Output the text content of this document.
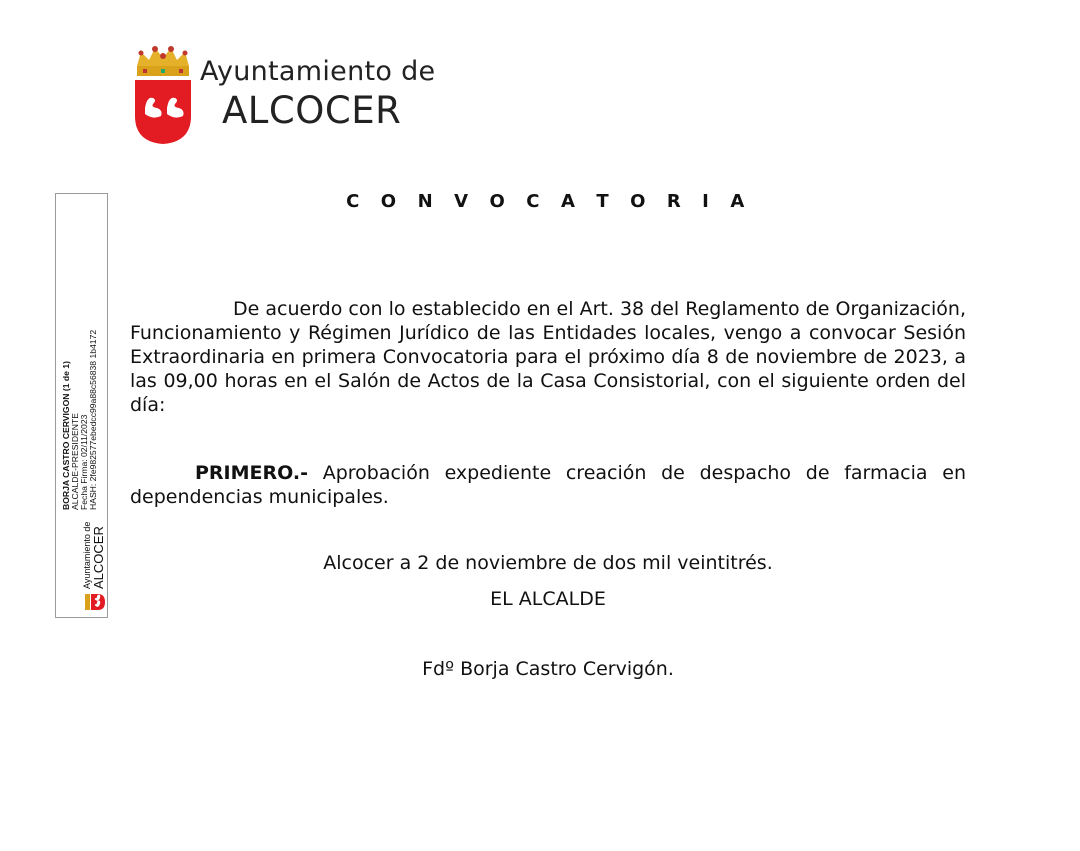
Ayuntamiento de
ALCOCER
C O N V O C A T O R I A
De acuerdo con lo establecido en el Art. 38 del Reglamento de Organización, Funcionamiento y Régimen Jurídico de las Entidades locales, vengo a convocar Sesión Extraordinaria en primera Convocatoria para el próximo día 8 de noviembre de 2023, a las 09,00 horas en el Salón de Actos de la Casa Consistorial, con el siguiente orden del día:
PRIMERO.- Aprobación expediente creación de despacho de farmacia en dependencias municipales.
Alcocer a 2 de noviembre de dos mil veintitrés.
EL ALCALDE
Fdº Borja Castro Cervigón.
Ayuntamiento de ALCOCER
BORJA CASTRO CERVIGON (1 de 1) ALCALDE-PRESIDENTE Fecha Firma: 02/11/2023 HASH: 2fe982577ebedcc99a88c56838 1b4172
